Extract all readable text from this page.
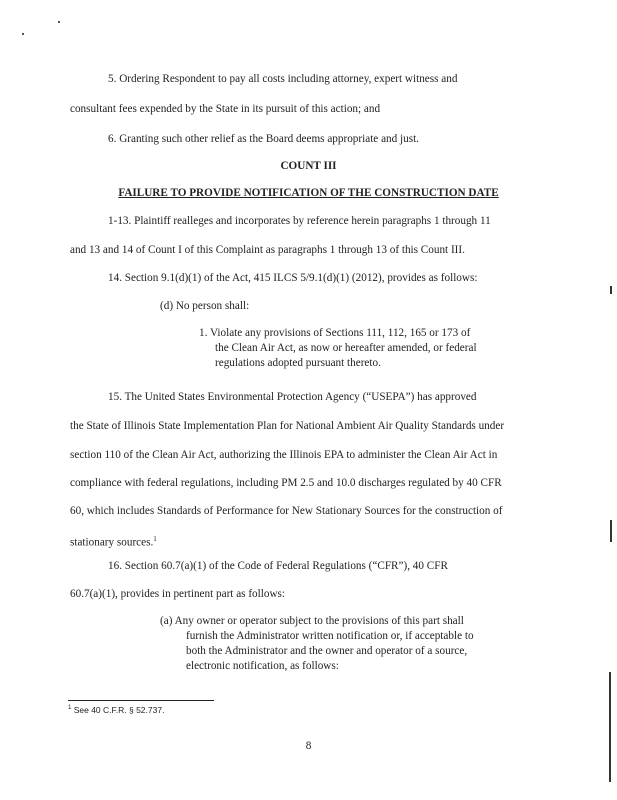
5. Ordering Respondent to pay all costs including attorney, expert witness and
consultant fees expended by the State in its pursuit of this action; and
6. Granting such other relief as the Board deems appropriate and just.
COUNT III
FAILURE TO PROVIDE NOTIFICATION OF THE CONSTRUCTION DATE
1-13. Plaintiff realleges and incorporates by reference herein paragraphs 1 through 11
and 13 and 14 of Count I of this Complaint as paragraphs 1 through 13 of this Count III.
14. Section 9.1(d)(1) of the Act, 415 ILCS 5/9.1(d)(1) (2012), provides as follows:
(d) No person shall:
1. Violate any provisions of Sections 111, 112, 165 or 173 of
the Clean Air Act, as now or hereafter amended, or federal
regulations adopted pursuant thereto.
15. The United States Environmental Protection Agency (“USEPA”) has approved
the State of Illinois State Implementation Plan for National Ambient Air Quality Standards under
section 110 of the Clean Air Act, authorizing the Illinois EPA to administer the Clean Air Act in
compliance with federal regulations, including PM 2.5 and 10.0 discharges regulated by 40 CFR
60, which includes Standards of Performance for New Stationary Sources for the construction of
stationary sources.$^1$
16. Section 60.7(a)(1) of the Code of Federal Regulations (“CFR”), 40 CFR
60.7(a)(1), provides in pertinent part as follows:
(a) Any owner or operator subject to the provisions of this part shall
furnish the Administrator written notification or, if acceptable to
both the Administrator and the owner and operator of a source,
electronic notification, as follows:
$^1$ See 40 C.F.R. § 52.737.
8
